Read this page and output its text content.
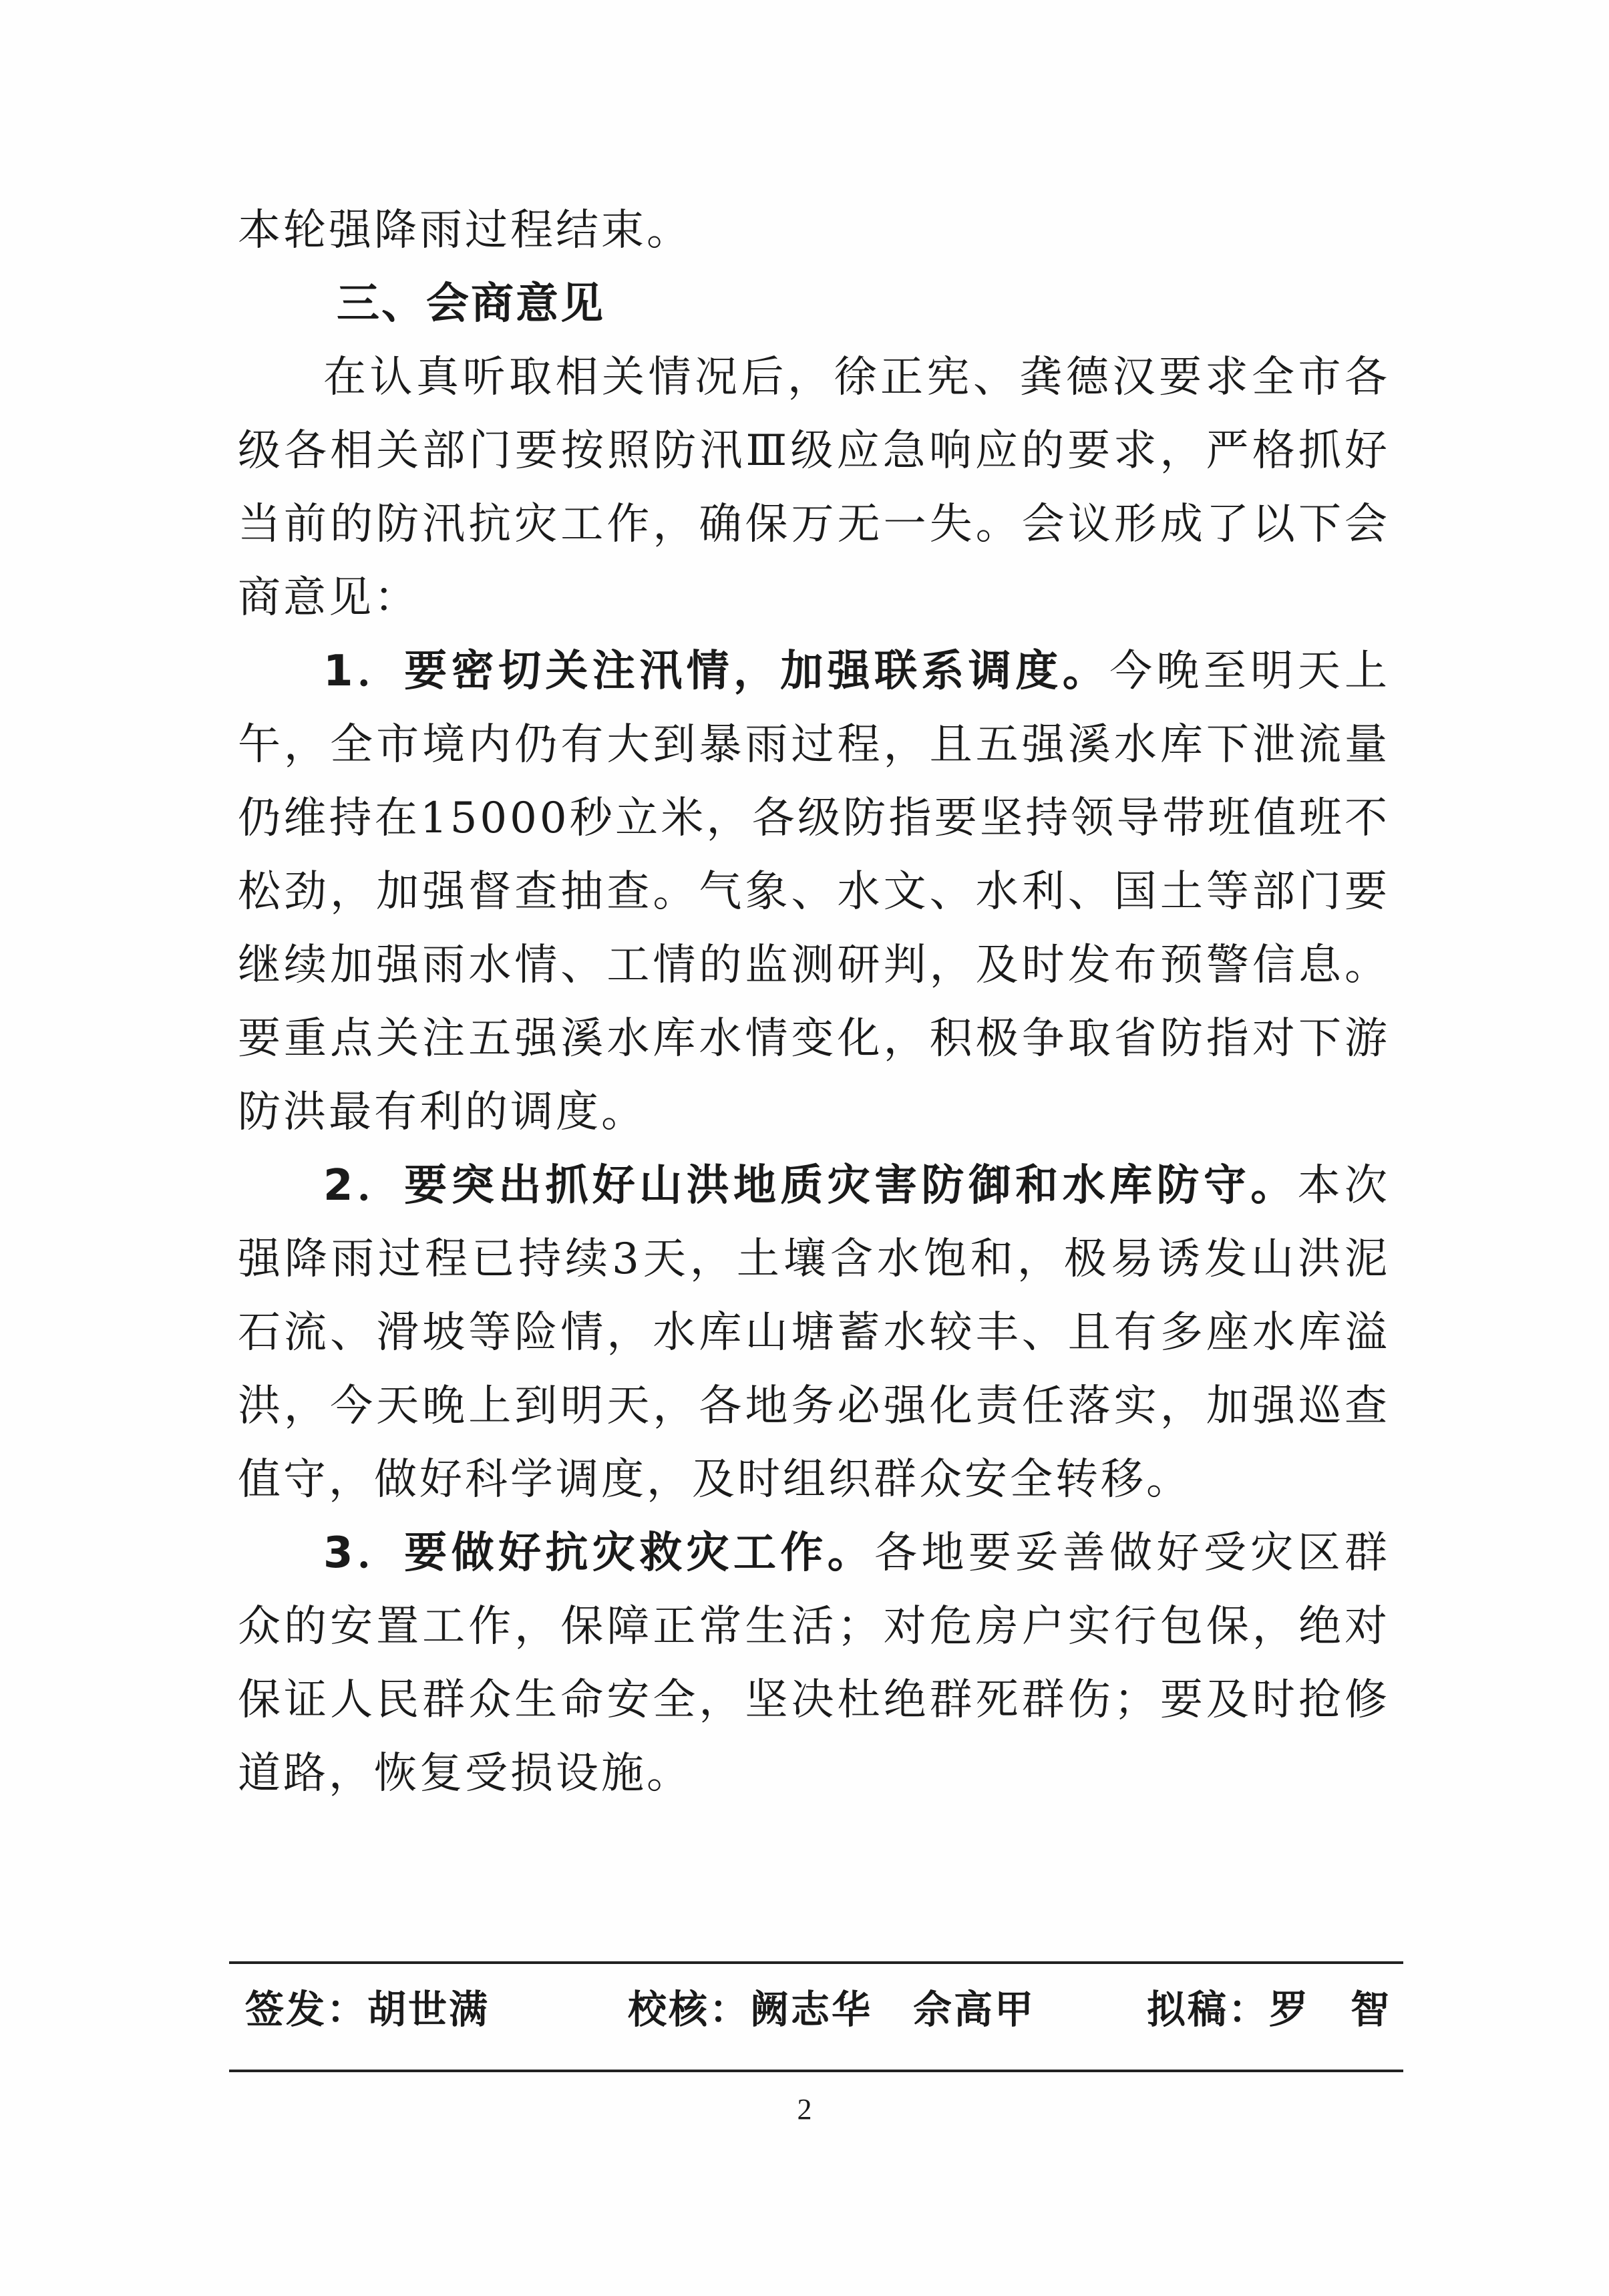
本轮强降雨过程结束。

三、会商意见

在认真听取相关情况后，徐正宪、龚德汉要求全市各级各相关部门要按照防汛Ⅲ级应急响应的要求，严格抓好当前的防汛抗灾工作，确保万无一失。会议形成了以下会商意见：

1．要密切关注汛情，加强联系调度。今晚至明天上午，全市境内仍有大到暴雨过程，且五强溪水库下泄流量仍维持在15000秒立米，各级防指要坚持领导带班值班不松劲，加强督查抽查。气象、水文、水利、国土等部门要继续加强雨水情、工情的监测研判，及时发布预警信息。要重点关注五强溪水库水情变化，积极争取省防指对下游防洪最有利的调度。

2．要突出抓好山洪地质灾害防御和水库防守。本次强降雨过程已持续3天，土壤含水饱和，极易诱发山洪泥石流、滑坡等险情，水库山塘蓄水较丰、且有多座水库溢洪，今天晚上到明天，各地务必强化责任落实，加强巡查值守，做好科学调度，及时组织群众安全转移。

3．要做好抗灾救灾工作。各地要妥善做好受灾区群众的安置工作，保障正常生活；对危房户实行包保，绝对保证人民群众生命安全，坚决杜绝群死群伤；要及时抢修道路，恢复受损设施。

签发：胡世满	校核：阙志华　佘高甲	拟稿：罗　智
2
